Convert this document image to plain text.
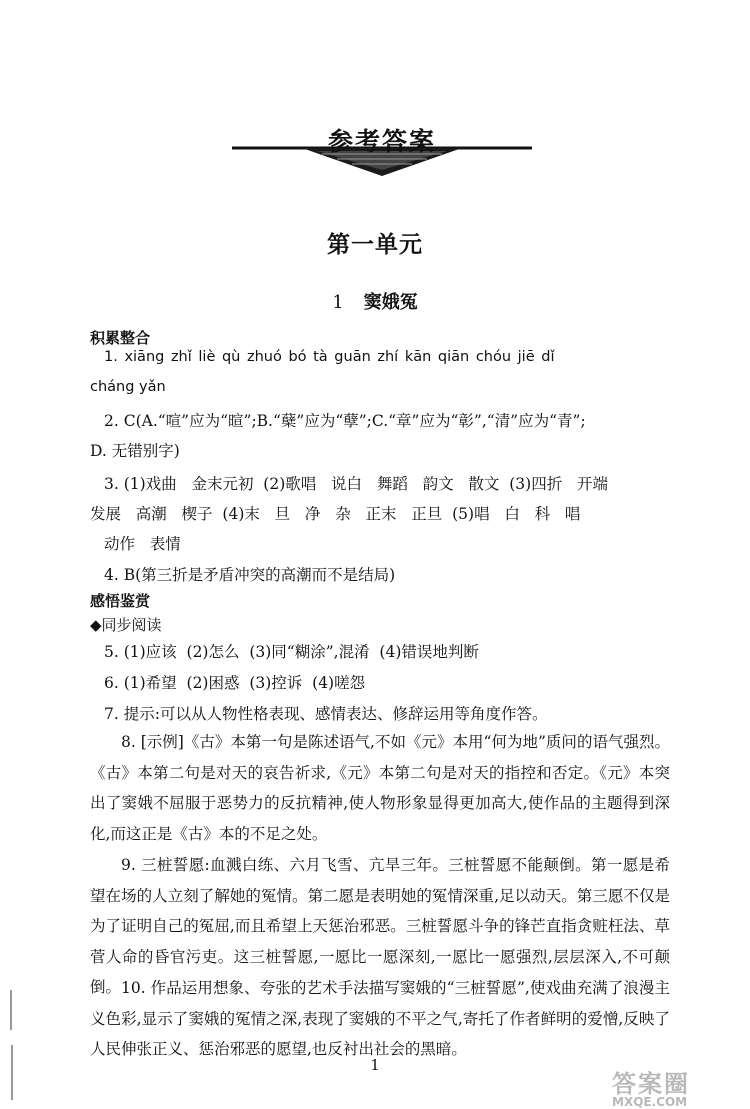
参考答案
第一单元
1 窦娥冤
积累整合
1. xiāng zhǐ liè qù zhuó bó tà guān zhí kān qiān chóu jiē dǐ
cháng yǎn
2. C(A.“喧”应为“暄”;B.“蘖”应为“孽”;C.“章”应为“彰”,“清”应为“青”;
D. 无错别字)
3. (1)戏曲   金末元初  (2)歌唱   说白   舞蹈   韵文   散文  (3)四折   开端
发展   高潮   楔子  (4)末   旦   净   杂   正末   正旦  (5)唱   白   科   唱
动作   表情
4. B(第三折是矛盾冲突的高潮而不是结局)
感悟鉴赏
◆同步阅读
5. (1)应该  (2)怎么  (3)同“糊涂”,混淆  (4)错误地判断
6. (1)希望  (2)困惑  (3)控诉  (4)嗟怨
7. 提示:可以从人物性格表现、感情表达、修辞运用等角度作答。
8. [示例]《古》本第一句是陈述语气,不如《元》本用“何为地”质问的语气强烈。《古》本第二句是对天的哀告祈求,《元》本第二句是对天的指控和否定。《元》本突出了窦娥不屈服于恶势力的反抗精神,使人物形象显得更加高大,使作品的主题得到深化,而这正是《古》本的不足之处。
9. 三桩誓愿:血溅白练、六月飞雪、亢旱三年。三桩誓愿不能颠倒。第一愿是希望在场的人立刻了解她的冤情。第二愿是表明她的冤情深重,足以动天。第三愿不仅是为了证明自己的冤屈,而且希望上天惩治邪恶。三桩誓愿斗争的锋芒直指贪赃枉法、草菅人命的昏官污吏。这三桩誓愿,一愿比一愿深刻,一愿比一愿强烈,层层深入,不可颠倒。 10. 作品运用想象、夸张的艺术手法描写窦娥的“三桩誓愿”,使戏曲充满了浪漫主义色彩,显示了窦娥的冤情之深,表现了窦娥的不平之气,寄托了作者鲜明的爱憎,反映了人民伸张正义、惩治邪恶的愿望,也反衬出社会的黑暗。
1
答案圈
MXQE.COM
